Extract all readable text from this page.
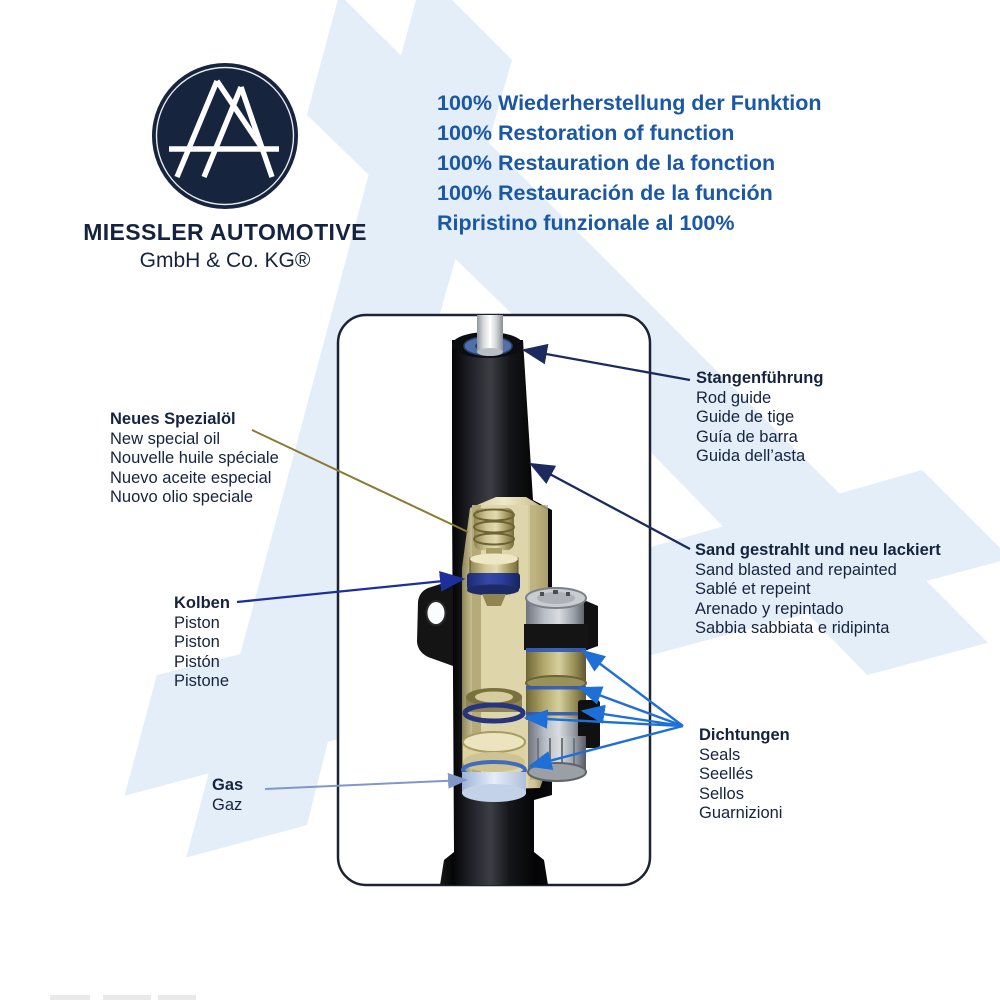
MIESSLER AUTOMOTIVE
GmbH & Co. KG®
100% Wiederherstellung der Funktion
100% Restoration of function
100% Restauration de la fonction
100% Restauración de la función
Ripristino funzionale al 100%
Neues Spezialöl
New special oil
Nouvelle huile spéciale
Nuevo aceite especial
Nuovo olio speciale
Kolben
Piston
Piston
Pistón
Pistone
Gas
Gaz
Stangenführung
Rod guide
Guide de tige
Guía de barra
Guida dell’asta
Sand gestrahlt und neu lackiert
Sand blasted and repainted
Sablé et repeint
Arenado y repintado
Sabbia sabbiata e ridipinta
Dichtungen
Seals
Seellés
Sellos
Guarnizioni
